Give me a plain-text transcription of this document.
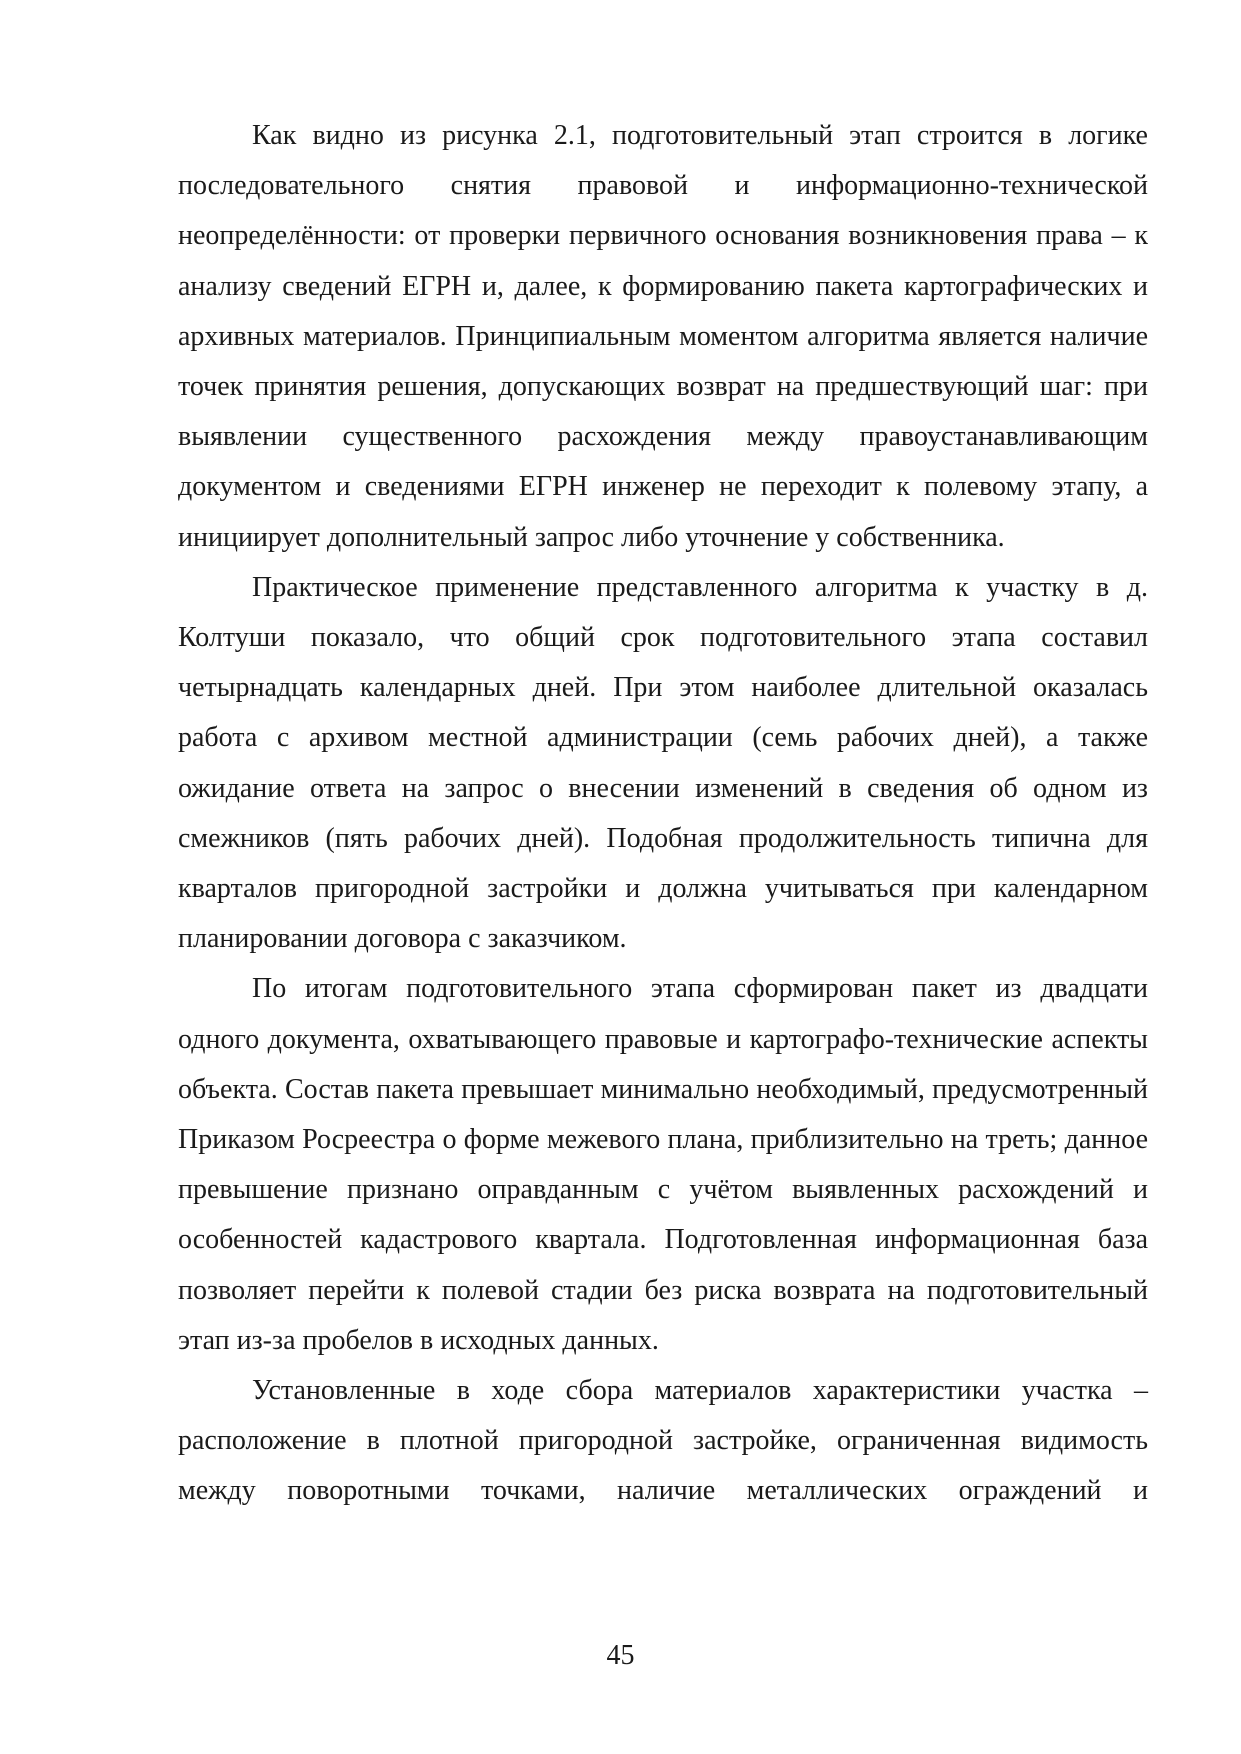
Как видно из рисунка 2.1, подготовительный этап строится в логике последовательного снятия правовой и информационно-технической неопределённости: от проверки первичного основания возникновения права – к анализу сведений ЕГРН и, далее, к формированию пакета картографических и архивных материалов. Принципиальным моментом алгоритма является наличие точек принятия решения, допускающих возврат на предшествующий шаг: при выявлении существенного расхождения между правоустанавливающим документом и сведениями ЕГРН инженер не переходит к полевому этапу, а инициирует дополнительный запрос либо уточнение у собственника.

Практическое применение представленного алгоритма к участку в д. Колтуши показало, что общий срок подготовительного этапа составил четырнадцать календарных дней. При этом наиболее длительной оказалась работа с архивом местной администрации (семь рабочих дней), а также ожидание ответа на запрос о внесении изменений в сведения об одном из смежников (пять рабочих дней). Подобная продолжительность типична для кварталов пригородной застройки и должна учитываться при календарном планировании договора с заказчиком.

По итогам подготовительного этапа сформирован пакет из двадцати одного документа, охватывающего правовые и картографо-технические аспекты объекта. Состав пакета превышает минимально необходимый, предусмотренный Приказом Росреестра о форме межевого плана, приблизительно на треть; данное превышение признано оправданным с учётом выявленных расхождений и особенностей кадастрового квартала. Подготовленная информационная база позволяет перейти к полевой стадии без риска возврата на подготовительный этап из-за пробелов в исходных данных.

Установленные в ходе сбора материалов характеристики участка – расположение в плотной пригородной застройке, ограниченная видимость между поворотными точками, наличие металлических ограждений и

45
